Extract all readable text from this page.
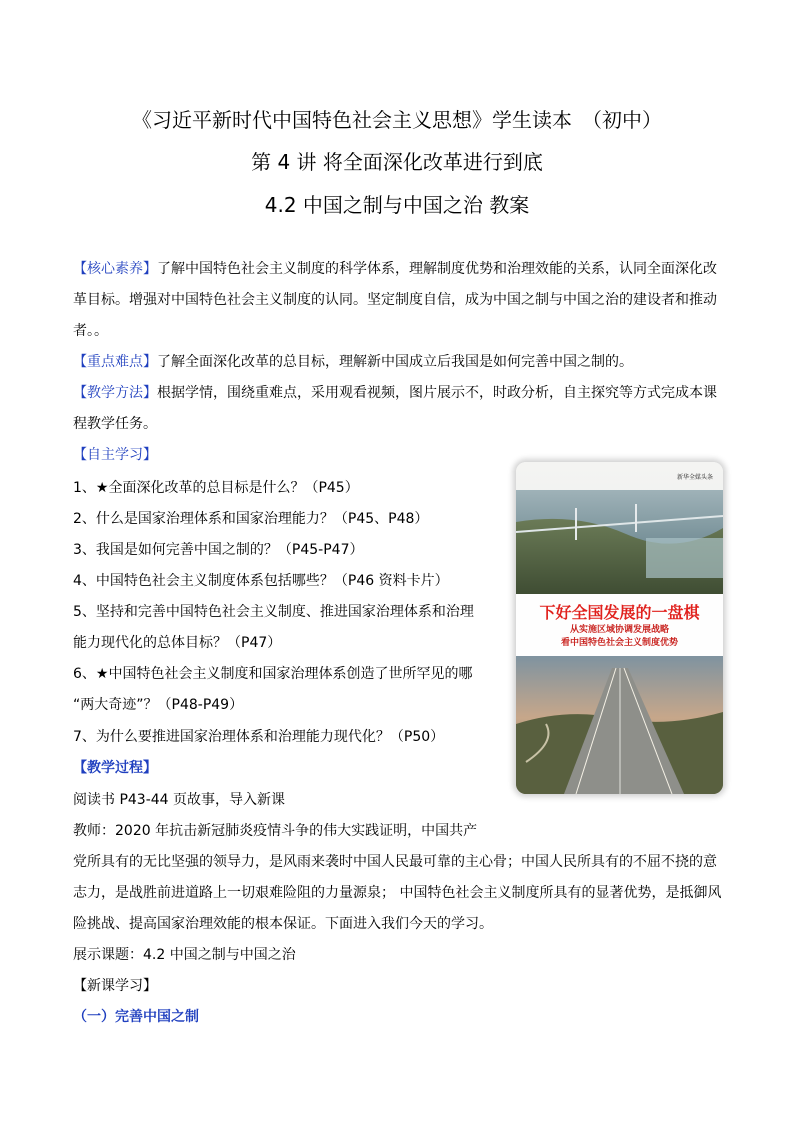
《习近平新时代中国特色社会主义思想》学生读本　（初中）
第 4 讲 将全面深化改革进行到底
4.2 中国之制与中国之治 教案
【核心素养】了解中国特色社会主义制度的科学体系，理解制度优势和治理效能的关系，认同全面深化改
革目标。增强对中国特色社会主义制度的认同。坚定制度自信，成为中国之制与中国之治的建设者和推动
者。。
【重点难点】了解全面深化改革的总目标，理解新中国成立后我国是如何完善中国之制的。
【教学方法】根据学情，围绕重难点，采用观看视频，图片展示不，时政分析，自主探究等方式完成本课
程教学任务。
【自主学习】
1、★全面深化改革的总目标是什么？（P45）
2、什么是国家治理体系和国家治理能力？（P45、P48）
3、我国是如何完善中国之制的？（P45-P47）
4、中国特色社会主义制度体系包括哪些？（P46 资料卡片）
5、坚持和完善中国特色社会主义制度、推进国家治理体系和治理
能力现代化的总体目标？（P47）
6、★中国特色社会主义制度和国家治理体系创造了世所罕见的哪
“两大奇迹”？（P48-P49）
7、为什么要推进国家治理体系和治理能力现代化？（P50）
【教学过程】
阅读书 P43-44 页故事，导入新课
教师：2020 年抗击新冠肺炎疫情斗争的伟大实践证明，中国共产
党所具有的无比坚强的领导力，是风雨来袭时中国人民最可靠的主心骨；中国人民所具有的不屈不挠的意
志力，是战胜前进道路上一切艰难险阻的力量源泉； 中国特色社会主义制度所具有的显著优势，是抵御风
险挑战、提高国家治理效能的根本保证。下面进入我们今天的学习。
展示课题：4.2 中国之制与中国之治
【新课学习】
（一）完善中国之制
新华全媒头条
下好全国发展的一盘棋
从实施区域协调发展战略
看中国特色社会主义制度优势
